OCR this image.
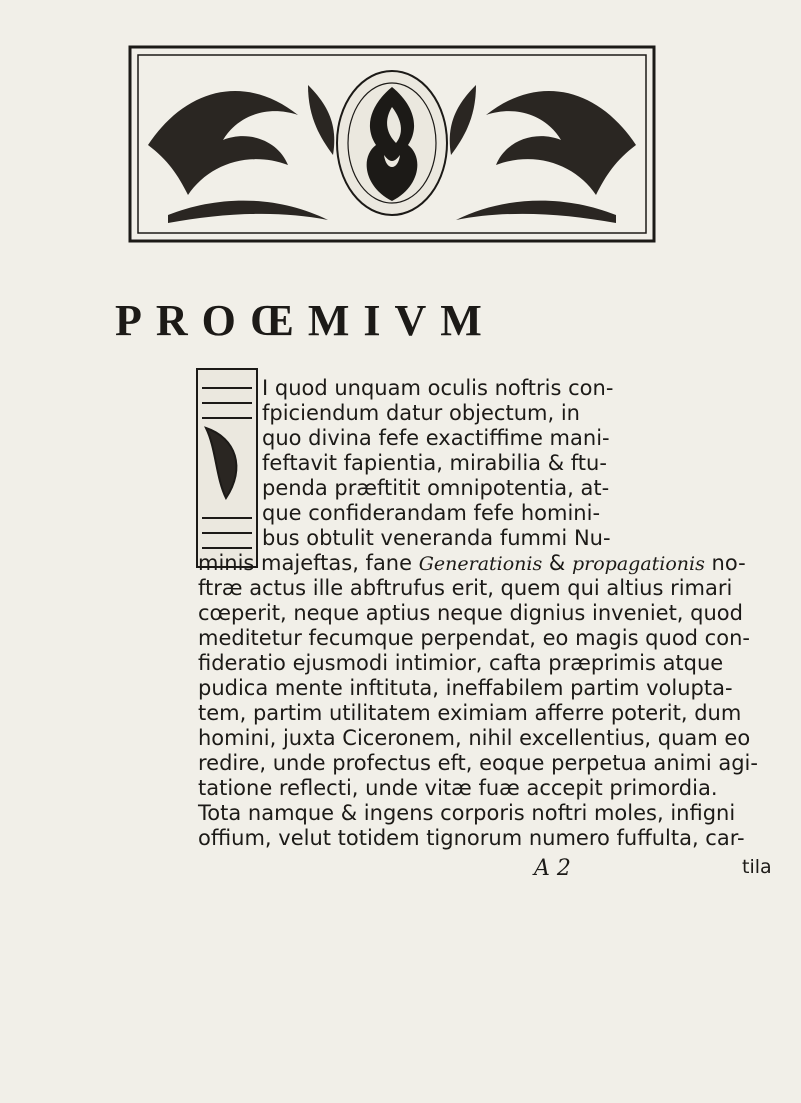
PROŒMIVM
I quod unquam oculis noftris con-
fpiciendum datur objectum, in
quo divina fefe exactiffime mani-
feftavit fapientia, mirabilia & ftu-
penda præftitit omnipotentia, at-
que confiderandam fefe homini-
bus obtulit veneranda fummi Nu-
minis majeftas, fane Generationis & propagationis no-
ftræ actus ille abftrufus erit, quem qui altius rimari
cœperit, neque aptius neque dignius inveniet, quod
meditetur fecumque perpendat, eo magis quod con-
fideratio ejusmodi intimior, cafta præprimis atque
pudica mente inftituta, ineffabilem partim volupta-
tem, partim utilitatem eximiam afferre poterit, dum
homini, juxta Ciceronem, nihil excellentius, quam eo
redire, unde profectus eft, eoque perpetua animi agi-
tatione reflecti, unde vitæ fuæ accepit primordia.
Tota namque & ingens corporis noftri moles, infigni
offium, velut totidem tignorum numero fuffulta, car-
A 2	tila
